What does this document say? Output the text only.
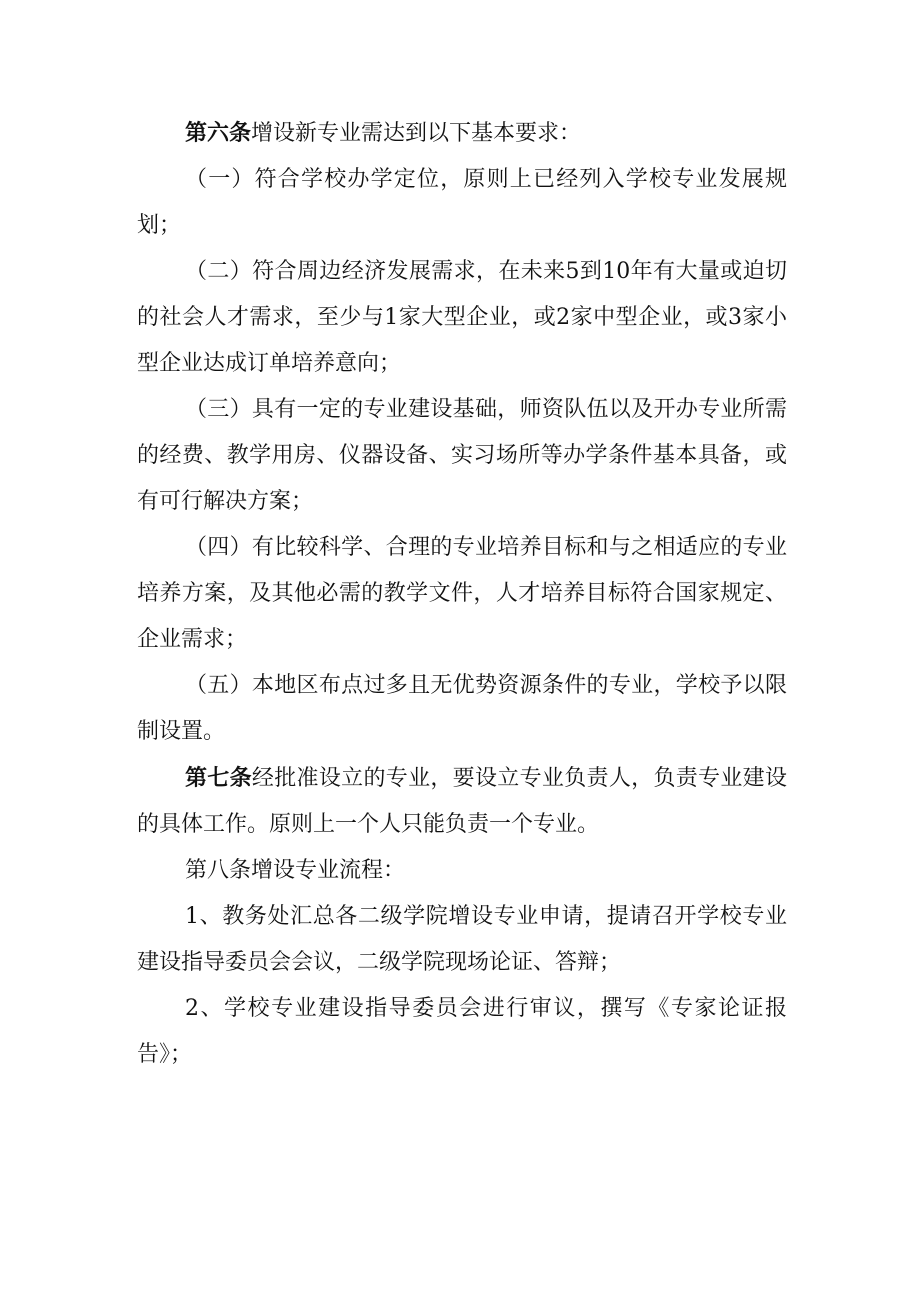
第六条增设新专业需达到以下基本要求：

（一）符合学校办学定位，原则上已经列入学校专业发展规划；

（二）符合周边经济发展需求，在未来5到10年有大量或迫切的社会人才需求，至少与1家大型企业，或2家中型企业，或3家小型企业达成订单培养意向；

（三）具有一定的专业建设基础，师资队伍以及开办专业所需的经费、教学用房、仪器设备、实习场所等办学条件基本具备，或有可行解决方案；

（四）有比较科学、合理的专业培养目标和与之相适应的专业培养方案，及其他必需的教学文件，人才培养目标符合国家规定、企业需求；

（五）本地区布点过多且无优势资源条件的专业，学校予以限制设置。

第七条经批准设立的专业，要设立专业负责人，负责专业建设的具体工作。原则上一个人只能负责一个专业。

第八条增设专业流程：

1、教务处汇总各二级学院增设专业申请，提请召开学校专业建设指导委员会会议，二级学院现场论证、答辩；

2、学校专业建设指导委员会进行审议，撰写《专家论证报告》；
